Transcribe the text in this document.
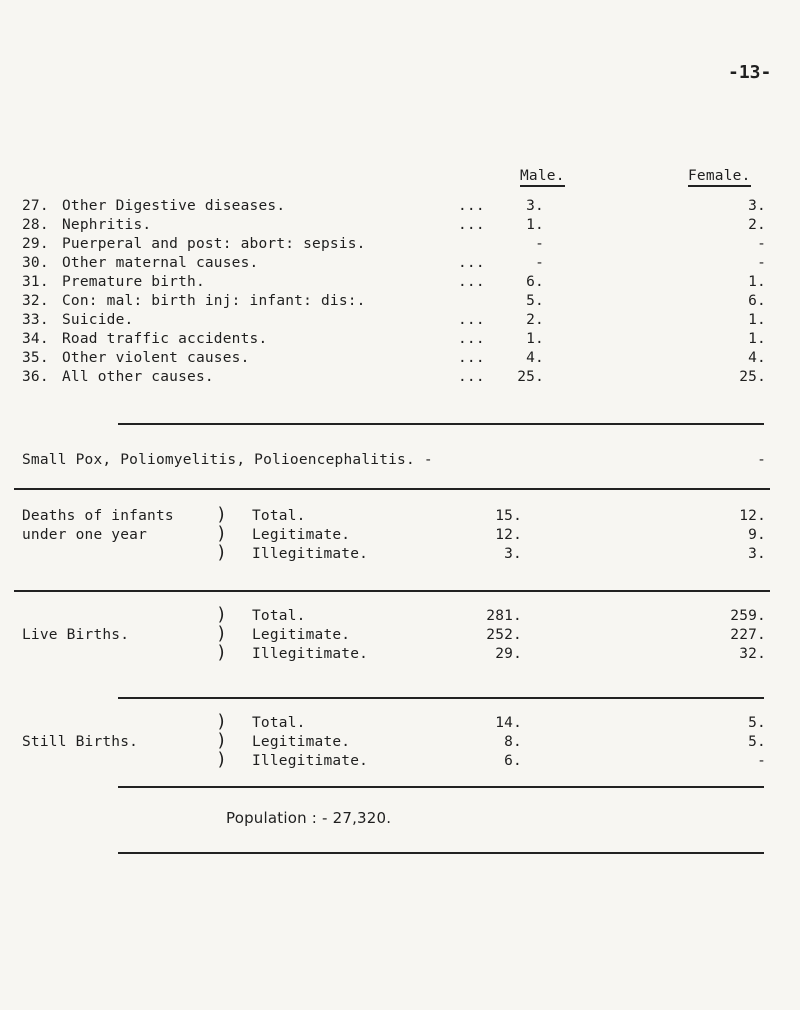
-13-
Male.	Female.
27. Other Digestive diseases.	...	3.	3.
28. Nephritis.	...	1.	2.
29. Puerperal and post: abort: sepsis.	-	-
30. Other maternal causes.	...	-	-
31. Premature birth.	...	6.	1.
32. Con: mal: birth inj: infant: dis:.	5.	6.
33. Suicide.	...	2.	1.
34. Road traffic accidents.	...	1.	1.
35. Other violent causes.	...	4.	4.
36. All other causes.	...	25.	25.
Small Pox, Poliomyelitis, Polioencephalitis. -	-
Deaths of infants
under one year
)
)
)
Total.	15.	12.
Legitimate.	12.	9.
Illegitimate.	3.	3.
Live Births.
)
)
)
Total.	281.	259.
Legitimate.	252.	227.
Illegitimate.	29.	32.
Still Births.
)
)
)
Total.	14.	5.
Legitimate.	8.	5.
Illegitimate.	6.	-
Population : - 27,320.
